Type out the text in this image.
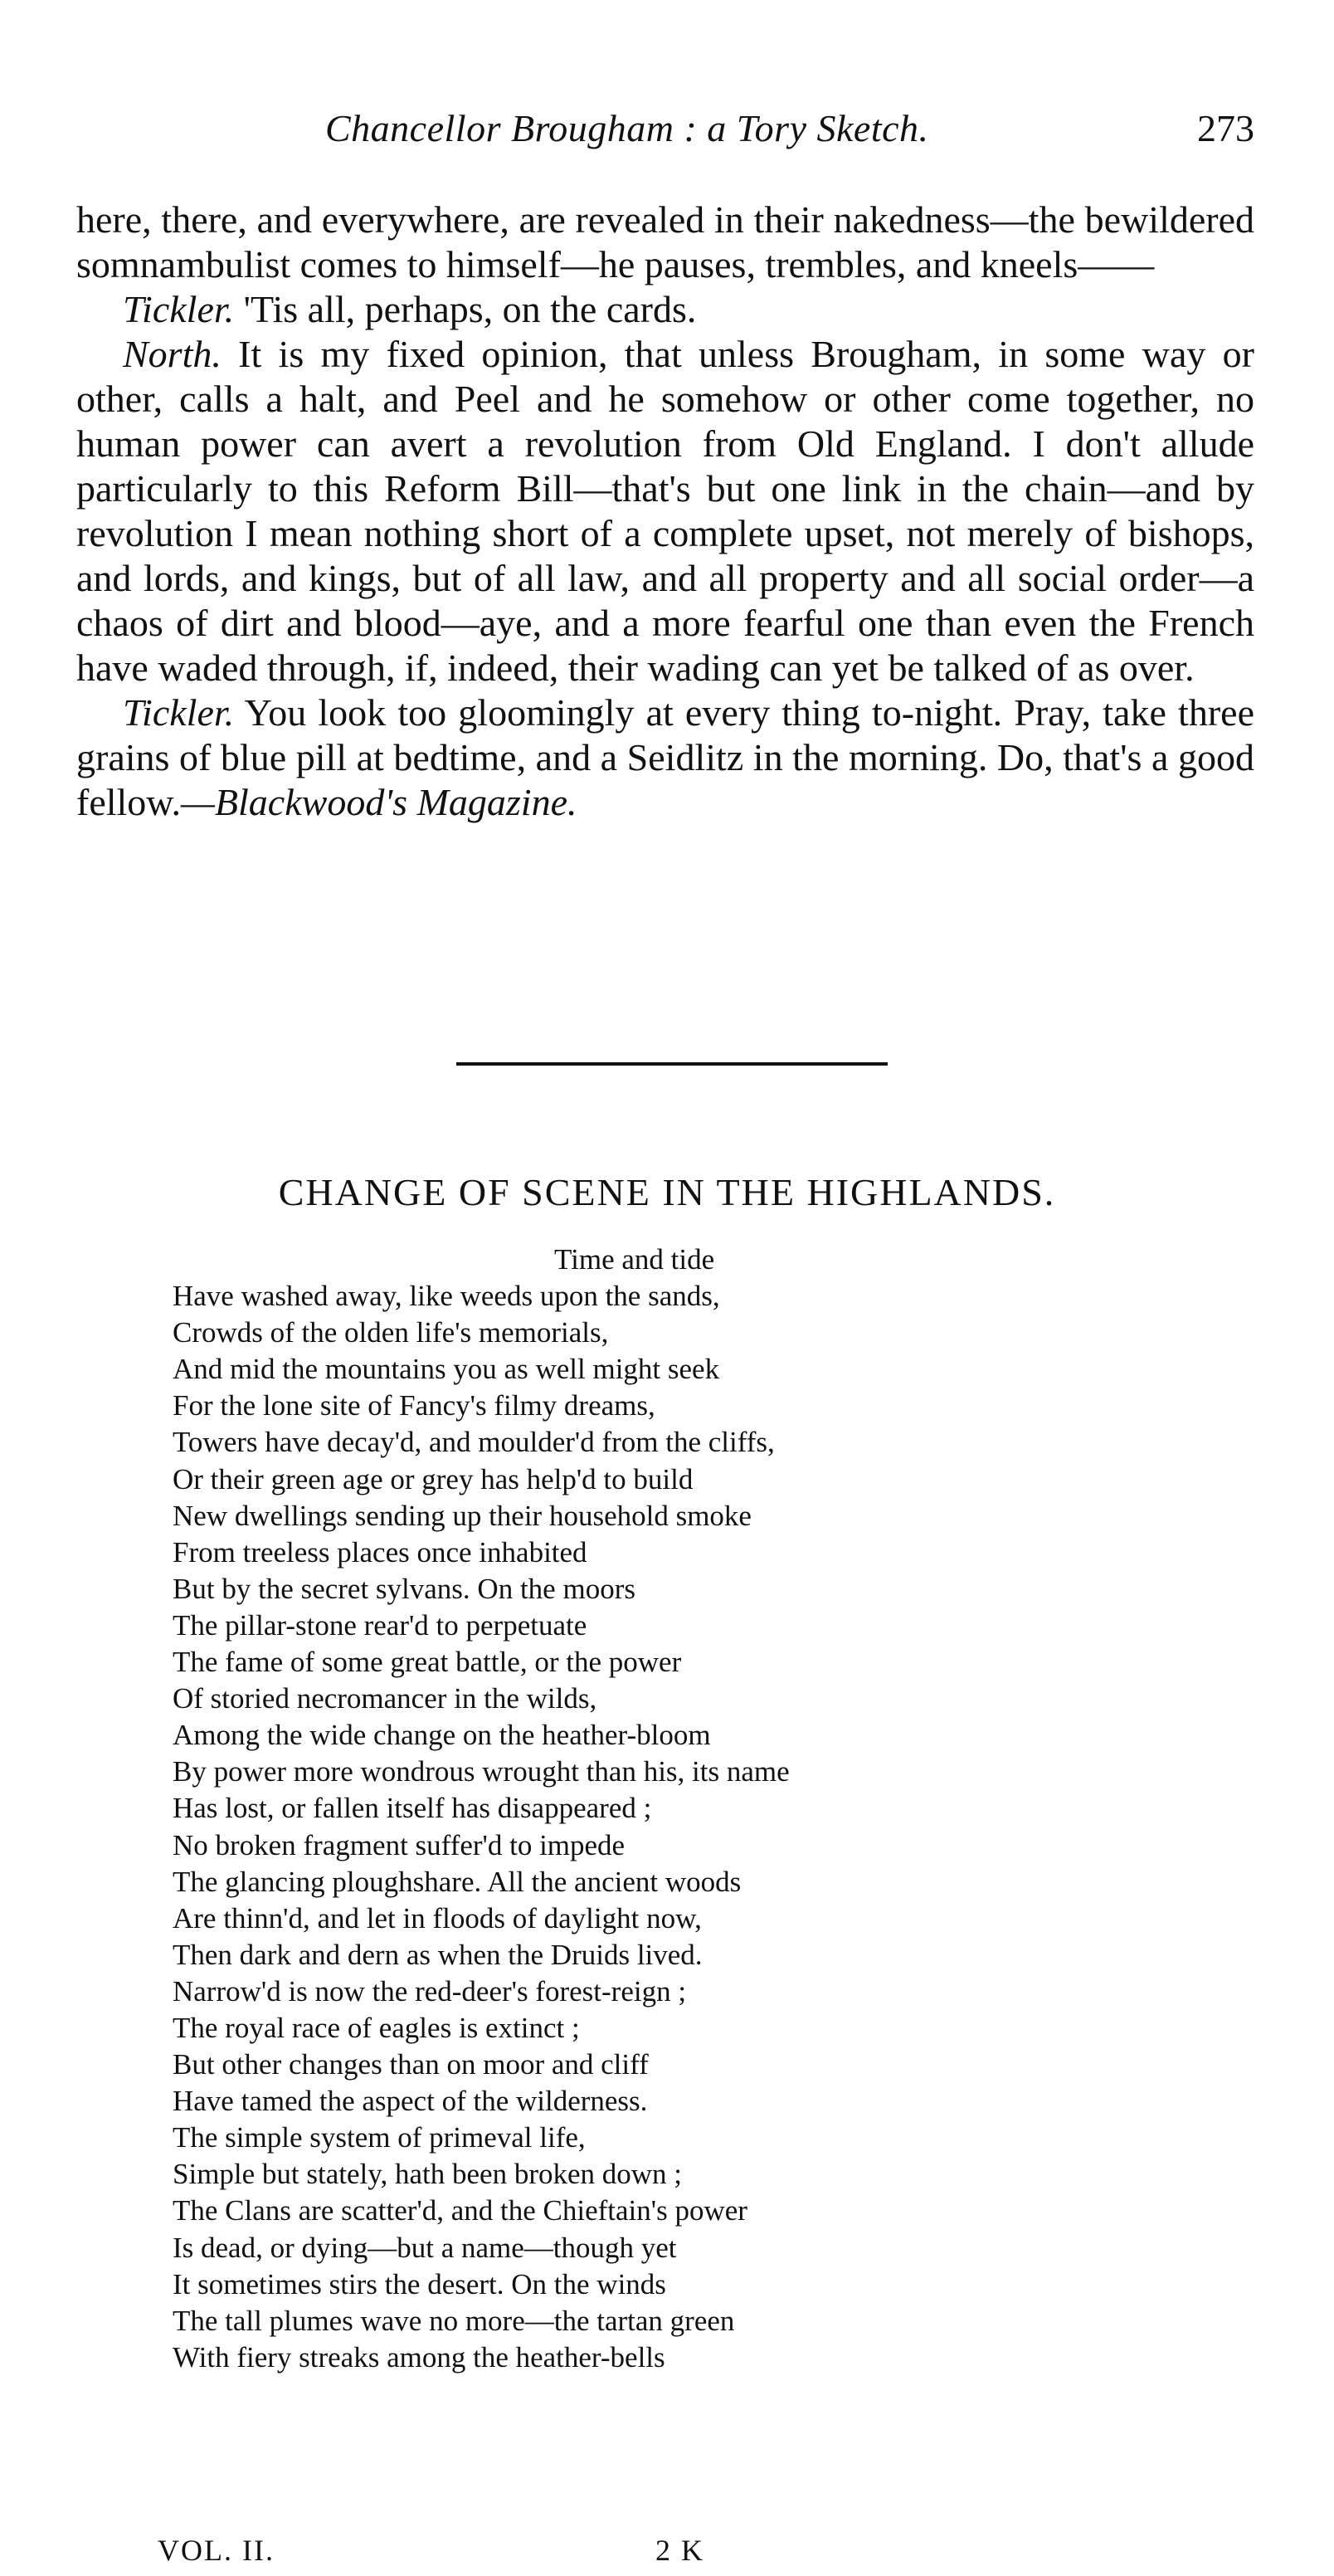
Chancellor Brougham : a Tory Sketch.	273

here, there, and everywhere, are revealed in their nakedness—the bewildered somnambulist comes to himself—he pauses, trembles, and kneels——

Tickler. 'Tis all, perhaps, on the cards.

North. It is my fixed opinion, that unless Brougham, in some way or other, calls a halt, and Peel and he somehow or other come together, no human power can avert a revolution from Old England. I don't allude particularly to this Reform Bill—that's but one link in the chain—and by revolution I mean nothing short of a complete upset, not merely of bishops, and lords, and kings, but of all law, and all property and all social order—a chaos of dirt and blood—aye, and a more fearful one than even the French have waded through, if, indeed, their wading can yet be talked of as over.

Tickler. You look too gloomingly at every thing to-night. Pray, take three grains of blue pill at bedtime, and a Seidlitz in the morning. Do, that's a good fellow.—Blackwood's Magazine.

CHANGE OF SCENE IN THE HIGHLANDS.
Time and tide
Have washed away, like weeds upon the sands,
Crowds of the olden life's memorials,
And mid the mountains you as well might seek
For the lone site of Fancy's filmy dreams,
Towers have decay'd, and moulder'd from the cliffs,
Or their green age or grey has help'd to build
New dwellings sending up their household smoke
From treeless places once inhabited
But by the secret sylvans. On the moors
The pillar-stone rear'd to perpetuate
The fame of some great battle, or the power
Of storied necromancer in the wilds,
Among the wide change on the heather-bloom
By power more wondrous wrought than his, its name
Has lost, or fallen itself has disappeared ;
No broken fragment suffer'd to impede
The glancing ploughshare. All the ancient woods
Are thinn'd, and let in floods of daylight now,
Then dark and dern as when the Druids lived.
Narrow'd is now the red-deer's forest-reign ;
The royal race of eagles is extinct ;
But other changes than on moor and cliff
Have tamed the aspect of the wilderness.
The simple system of primeval life,
Simple but stately, hath been broken down ;
The Clans are scatter'd, and the Chieftain's power
Is dead, or dying—but a name—though yet
It sometimes stirs the desert. On the winds
The tall plumes wave no more—the tartan green
With fiery streaks among the heather-bells
VOL. II.	2 K
